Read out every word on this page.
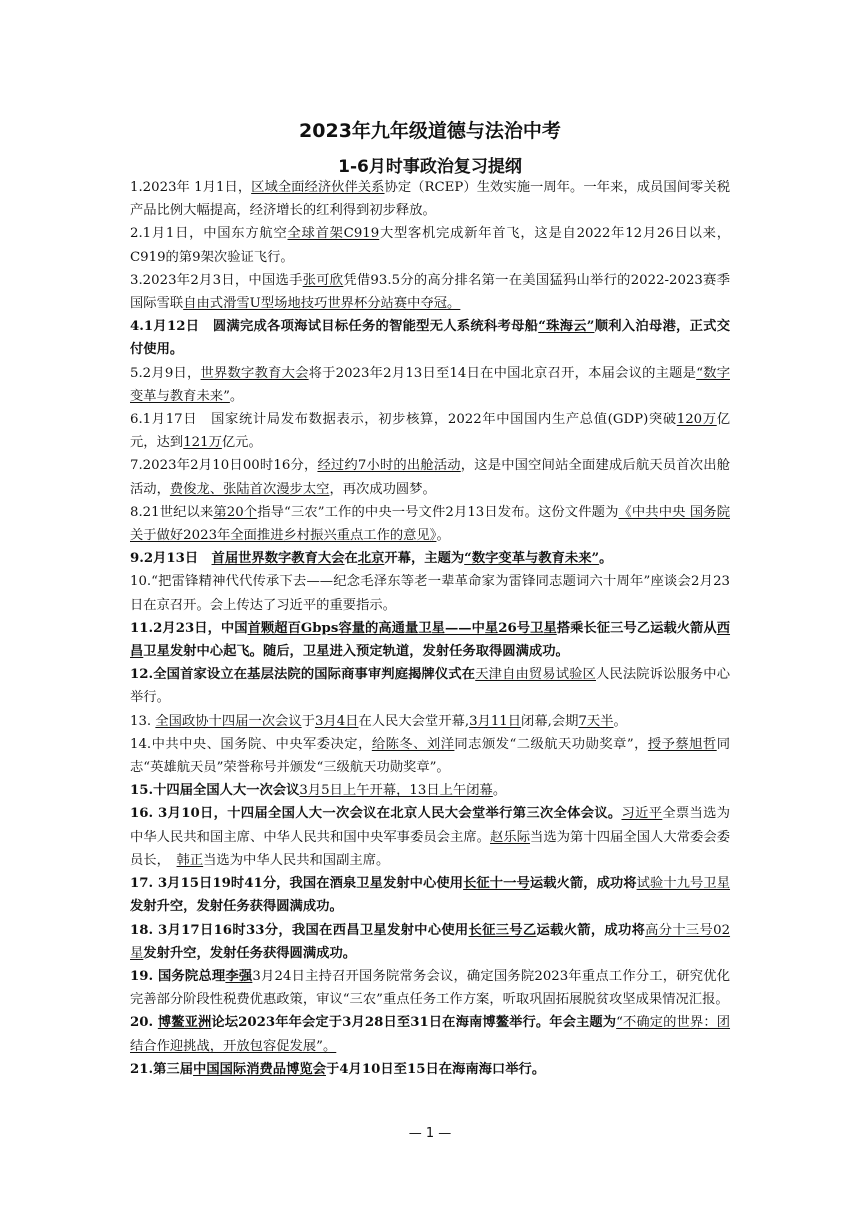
2023年九年级道德与法治中考
1-6月时事政治复习提纲

1.2023年 1月1日，区域全面经济伙伴关系协定（RCEP）生效实施一周年。一年来，成员国间零关税产品比例大幅提高，经济增长的红利得到初步释放。

2.1月1日，中国东方航空全球首架C919大型客机完成新年首飞，这是自2022年12月26日以来，C919的第9架次验证飞行。

3.2023年2月3日，中国选手张可欣凭借93.5分的高分排名第一在美国猛犸山举行的2022-2023赛季国际雪联自由式滑雪U型场地技巧世界杯分站赛中夺冠。

4.1月12日　圆满完成各项海试目标任务的智能型无人系统科考母船“珠海云”顺利入泊母港，正式交付使用。

5.2月9日，世界数字教育大会将于2023年2月13日至14日在中国北京召开，本届会议的主题是“数字变革与教育未来”。

6.1月17日　国家统计局发布数据表示，初步核算，2022年中国国内生产总值(GDP)突破120万亿元，达到121万亿元。

7.2023年2月10日00时16分，经过约7小时的出舱活动，这是中国空间站全面建成后航天员首次出舱活动，费俊龙、张陆首次漫步太空，再次成功圆梦。

8.21世纪以来第20个指导“三农”工作的中央一号文件2月13日发布。这份文件题为《中共中央 国务院关于做好2023年全面推进乡村振兴重点工作的意见》。

9.2月13日　首届世界数字教育大会在北京开幕，主题为“数字变革与教育未来”。

10.“把雷锋精神代代传承下去——纪念毛泽东等老一辈革命家为雷锋同志题词六十周年”座谈会2月23日在京召开。会上传达了习近平的重要指示。

11.2月23日，中国首颗超百Gbps容量的高通量卫星——中星26号卫星搭乘长征三号乙运载火箭从西昌卫星发射中心起飞。随后，卫星进入预定轨道，发射任务取得圆满成功。

12.全国首家设立在基层法院的国际商事审判庭揭牌仪式在天津自由贸易试验区人民法院诉讼服务中心举行。

13. 全国政协十四届一次会议于3月4日在人民大会堂开幕,3月11日闭幕,会期7天半。

14.中共中央、国务院、中央军委决定，给陈冬、刘洋同志颁发“二级航天功勋奖章”，授予蔡旭哲同志“英雄航天员”荣誉称号并颁发“三级航天功勋奖章”。

15.十四届全国人大一次会议3月5日上午开幕，13日上午闭幕。

16. 3月10日，十四届全国人大一次会议在北京人民大会堂举行第三次全体会议。习近平全票当选为中华人民共和国主席、中华人民共和国中央军事委员会主席。赵乐际当选为第十四届全国人大常委会委员长，　韩正当选为中华人民共和国副主席。

17. 3月15日19时41分，我国在酒泉卫星发射中心使用长征十一号运载火箭，成功将试验十九号卫星发射升空，发射任务获得圆满成功。

18. 3月17日16时33分，我国在西昌卫星发射中心使用长征三号乙运载火箭，成功将高分十三号02星发射升空，发射任务获得圆满成功。

19. 国务院总理李强3月24日主持召开国务院常务会议，确定国务院2023年重点工作分工，研究优化完善部分阶段性税费优惠政策，审议“三农”重点任务工作方案，听取巩固拓展脱贫攻坚成果情况汇报。

20. 博鳌亚洲论坛2023年年会定于3月28日至31日在海南博鳌举行。年会主题为“不确定的世界：团结合作迎挑战，开放包容促发展”。

21.第三届中国国际消费品博览会于4月10日至15日在海南海口举行。

— 1 —
